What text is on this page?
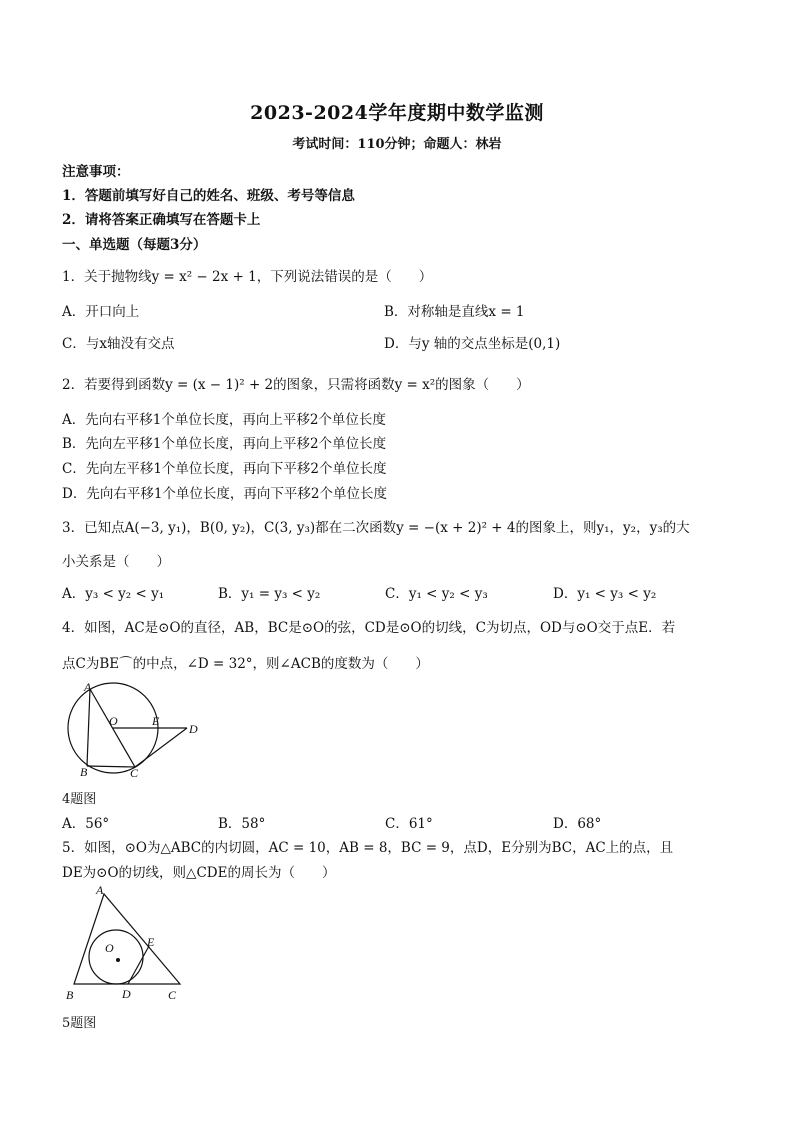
2023-2024学年度期中数学监测
考试时间：110分钟；命题人：林岩
注意事项：
1．答题前填写好自己的姓名、班级、考号等信息
2．请将答案正确填写在答题卡上
一、单选题（每题3分）
1．关于抛物线y = x² − 2x + 1，下列说法错误的是（　　）
A．开口向上	B．对称轴是直线x = 1
C．与x轴没有交点	D．与y 轴的交点坐标是(0,1)
2．若要得到函数y = (x − 1)² + 2的图象，只需将函数y = x²的图象（　　）
A．先向右平移1个单位长度，再向上平移2个单位长度
B．先向左平移1个单位长度，再向上平移2个单位长度
C．先向左平移1个单位长度，再向下平移2个单位长度
D．先向右平移1个单位长度，再向下平移2个单位长度
3．已知点A(−3, y₁)，B(0, y₂)，C(3, y₃)都在二次函数y = −(x + 2)² + 4的图象上，则y₁，y₂，y₃的大
小关系是（　　）
A．y₃ < y₂ < y₁	B．y₁ = y₃ < y₂	C．y₁ < y₂ < y₃	D．y₁ < y₃ < y₂
4．如图，AC是⊙O的直径，AB，BC是⊙O的弦，CD是⊙O的切线，C为切点，OD与⊙O交于点E．若
点C为BE⌒的中点，∠D = 32°，则∠ACB的度数为（　　）
A
O	E
D
B	C
4题图
A．56°	B．58°	C．61°	D．68°
5．如图，⊙O为△ABC的内切圆，AC = 10，AB = 8，BC = 9，点D，E分别为BC，AC上的点，且
DE为⊙O的切线，则△CDE的周长为（　　）
A
O	E
B	D	C
5题图
